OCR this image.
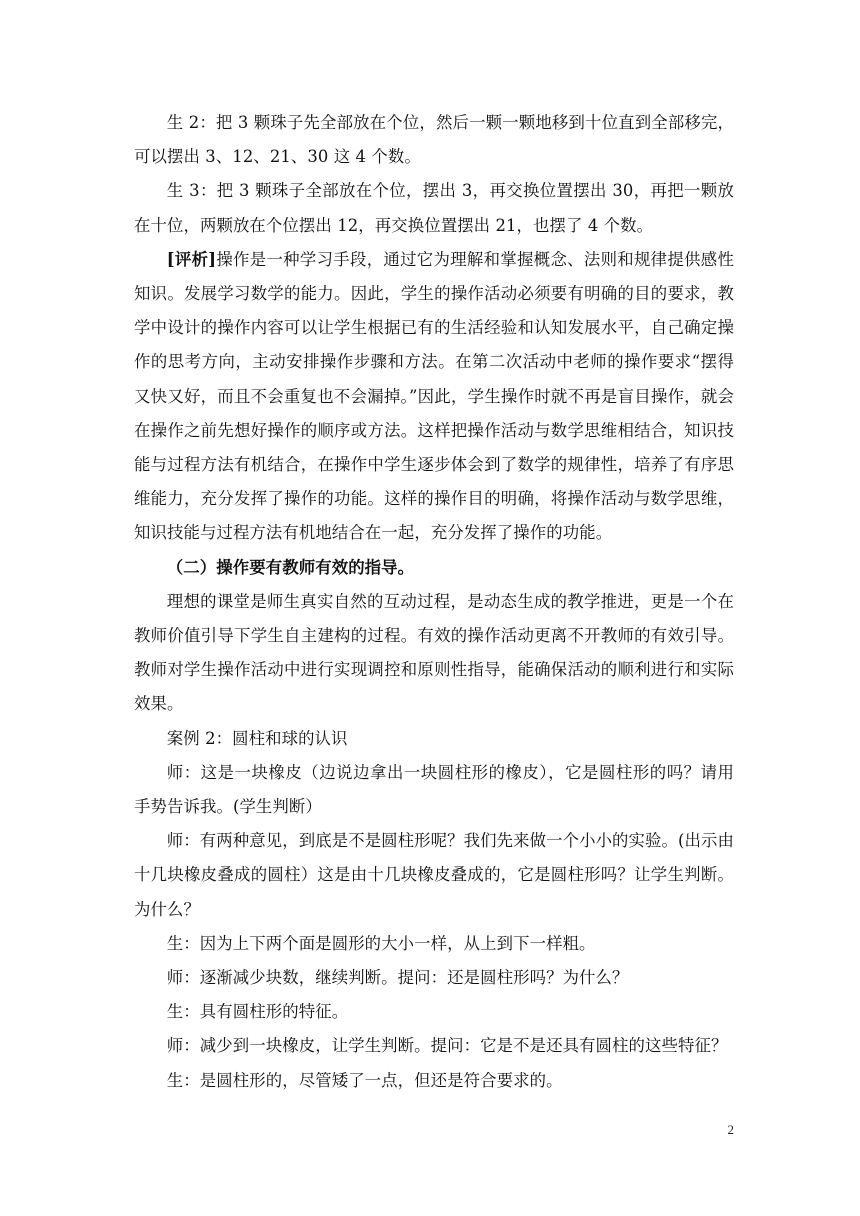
生 2：把 3 颗珠子先全部放在个位，然后一颗一颗地移到十位直到全部移完，可以摆出 3、12、21、30 这 4 个数。

生 3：把 3 颗珠子全部放在个位，摆出 3，再交换位置摆出 30，再把一颗放在十位，两颗放在个位摆出 12，再交换位置摆出 21，也摆了 4 个数。

[评析]操作是一种学习手段，通过它为理解和掌握概念、法则和规律提供感性知识。发展学习数学的能力。因此，学生的操作活动必须要有明确的目的要求，教学中设计的操作内容可以让学生根据已有的生活经验和认知发展水平，自己确定操作的思考方向，主动安排操作步骤和方法。在第二次活动中老师的操作要求“摆得又快又好，而且不会重复也不会漏掉。”因此，学生操作时就不再是盲目操作，就会在操作之前先想好操作的顺序或方法。这样把操作活动与数学思维相结合，知识技能与过程方法有机结合，在操作中学生逐步体会到了数学的规律性，培养了有序思维能力，充分发挥了操作的功能。这样的操作目的明确，将操作活动与数学思维，知识技能与过程方法有机地结合在一起，充分发挥了操作的功能。

（二）操作要有教师有效的指导。

理想的课堂是师生真实自然的互动过程，是动态生成的教学推进，更是一个在教师价值引导下学生自主建构的过程。有效的操作活动更离不开教师的有效引导。教师对学生操作活动中进行实现调控和原则性指导，能确保活动的顺利进行和实际效果。

案例 2：圆柱和球的认识

师：这是一块橡皮（边说边拿出一块圆柱形的橡皮），它是圆柱形的吗？请用手势告诉我。(学生判断）

师：有两种意见，到底是不是圆柱形呢？我们先来做一个小小的实验。(出示由十几块橡皮叠成的圆柱）这是由十几块橡皮叠成的，它是圆柱形吗？让学生判断。为什么？

生：因为上下两个面是圆形的大小一样，从上到下一样粗。

师：逐渐减少块数，继续判断。提问：还是圆柱形吗？为什么？

生：具有圆柱形的特征。

师：减少到一块橡皮，让学生判断。提问：它是不是还具有圆柱的这些特征？

生：是圆柱形的，尽管矮了一点，但还是符合要求的。

2
